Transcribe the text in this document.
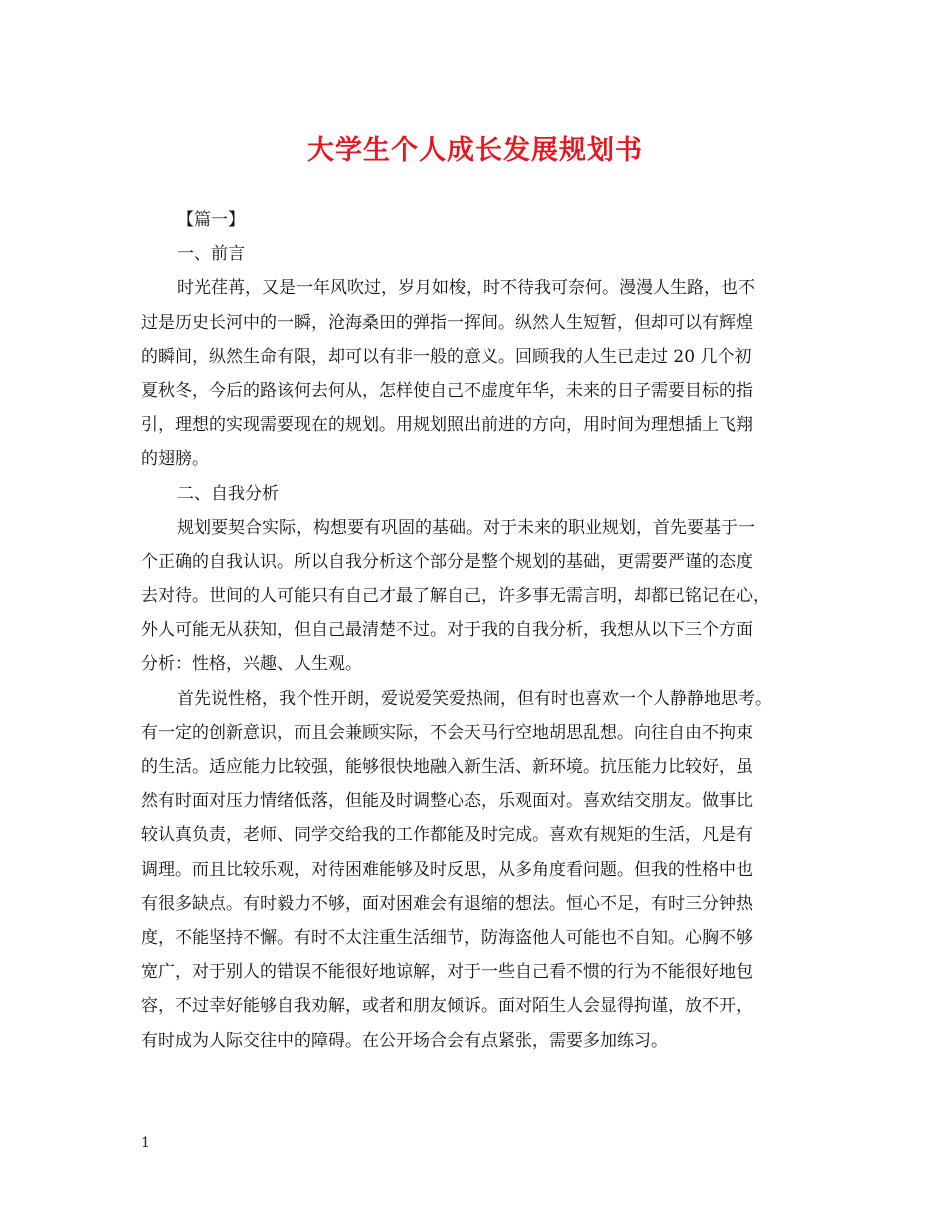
大学生个人成长发展规划书
【篇一】
一、前言
时光荏苒，又是一年风吹过，岁月如梭，时不待我可奈何。漫漫人生路，也不
过是历史长河中的一瞬，沧海桑田的弹指一挥间。纵然人生短暂，但却可以有辉煌
的瞬间，纵然生命有限，却可以有非一般的意义。回顾我的人生已走过 20 几个初
夏秋冬，今后的路该何去何从，怎样使自己不虚度年华，未来的日子需要目标的指
引，理想的实现需要现在的规划。用规划照出前进的方向，用时间为理想插上飞翔
的翅膀。
二、自我分析
规划要契合实际，构想要有巩固的基础。对于未来的职业规划，首先要基于一
个正确的自我认识。所以自我分析这个部分是整个规划的基础，更需要严谨的态度
去对待。世间的人可能只有自己才最了解自己，许多事无需言明，却都已铭记在心，
外人可能无从获知，但自己最清楚不过。对于我的自我分析，我想从以下三个方面
分析：性格，兴趣、人生观。
首先说性格，我个性开朗，爱说爱笑爱热闹，但有时也喜欢一个人静静地思考。
有一定的创新意识，而且会兼顾实际，不会天马行空地胡思乱想。向往自由不拘束
的生活。适应能力比较强，能够很快地融入新生活、新环境。抗压能力比较好，虽
然有时面对压力情绪低落，但能及时调整心态，乐观面对。喜欢结交朋友。做事比
较认真负责，老师、同学交给我的工作都能及时完成。喜欢有规矩的生活，凡是有
调理。而且比较乐观，对待困难能够及时反思，从多角度看问题。但我的性格中也
有很多缺点。有时毅力不够，面对困难会有退缩的想法。恒心不足，有时三分钟热
度，不能坚持不懈。有时不太注重生活细节，防海盗他人可能也不自知。心胸不够
宽广，对于别人的错误不能很好地谅解，对于一些自己看不惯的行为不能很好地包
容，不过幸好能够自我劝解，或者和朋友倾诉。面对陌生人会显得拘谨，放不开，
有时成为人际交往中的障碍。在公开场合会有点紧张，需要多加练习。
1
